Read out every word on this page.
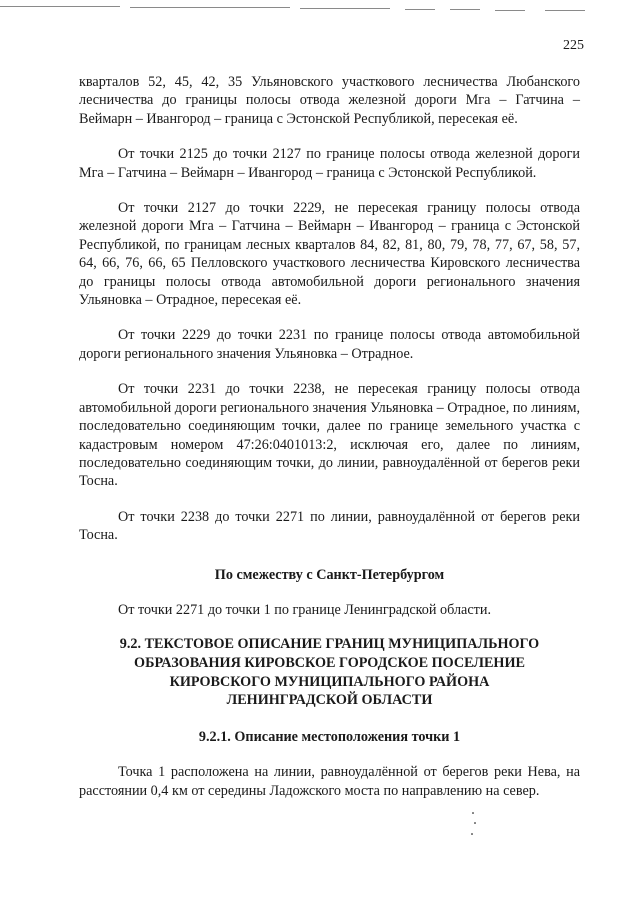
225

кварталов 52, 45, 42, 35 Ульяновского участкового лесничества Любанского лесничества до границы полосы отвода железной дороги Мга – Гатчина – Веймарн – Ивангород – граница с Эстонской Республикой, пересекая её.

От точки 2125 до точки 2127 по границе полосы отвода железной дороги Мга – Гатчина – Веймарн – Ивангород – граница с Эстонской Республикой.

От точки 2127 до точки 2229, не пересекая границу полосы отвода железной дороги Мга – Гатчина – Веймарн – Ивангород – граница с Эстонской Республикой, по границам лесных кварталов 84, 82, 81, 80, 79, 78, 77, 67, 58, 57, 64, 66, 76, 66, 65 Пелловского участкового лесничества Кировского лесничества до границы полосы отвода автомобильной дороги регионального значения Ульяновка – Отрадное, пересекая её.

От точки 2229 до точки 2231 по границе полосы отвода автомобильной дороги регионального значения Ульяновка – Отрадное.

От точки 2231 до точки 2238, не пересекая границу полосы отвода автомобильной дороги регионального значения Ульяновка – Отрадное, по линиям, последовательно соединяющим точки, далее по границе земельного участка с кадастровым номером 47:26:0401013:2, исключая его, далее по линиям, последовательно соединяющим точки, до линии, равноудалённой от берегов реки Тосна.

От точки 2238 до точки 2271 по линии, равноудалённой от берегов реки Тосна.

По смежеству с Санкт-Петербургом

От точки 2271 до точки 1 по границе Ленинградской области.

9.2. ТЕКСТОВОЕ ОПИСАНИЕ ГРАНИЦ МУНИЦИПАЛЬНОГО

ОБРАЗОВАНИЯ КИРОВСКОЕ ГОРОДСКОЕ ПОСЕЛЕНИЕ

КИРОВСКОГО МУНИЦИПАЛЬНОГО РАЙОНА

ЛЕНИНГРАДСКОЙ ОБЛАСТИ

9.2.1. Описание местоположения точки 1

Точка 1 расположена на линии, равноудалённой от берегов реки Нева, на расстоянии 0,4 км от середины Ладожского моста по направлению на север.
